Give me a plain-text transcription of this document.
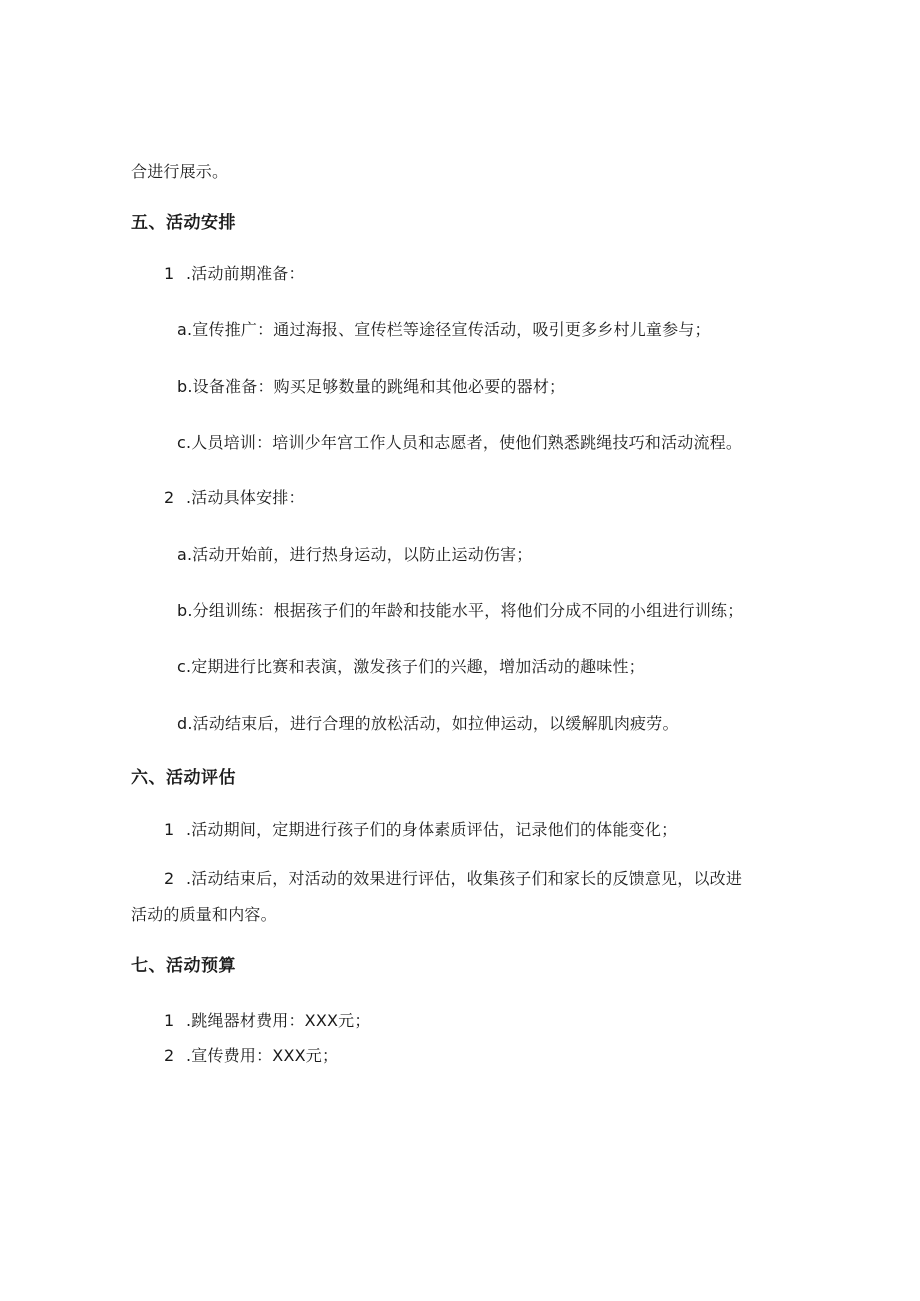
合进行展示。
五、活动安排
1 .活动前期准备：
a.宣传推广：通过海报、宣传栏等途径宣传活动，吸引更多乡村儿童参与；
b.设备准备：购买足够数量的跳绳和其他必要的器材；
c.人员培训：培训少年宫工作人员和志愿者，使他们熟悉跳绳技巧和活动流程。
2 .活动具体安排：
a.活动开始前，进行热身运动，以防止运动伤害；
b.分组训练：根据孩子们的年龄和技能水平，将他们分成不同的小组进行训练；
c.定期进行比赛和表演，激发孩子们的兴趣，增加活动的趣味性；
d.活动结束后，进行合理的放松活动，如拉伸运动，以缓解肌肉疲劳。
六、活动评估
1 .活动期间，定期进行孩子们的身体素质评估，记录他们的体能变化；
2 .活动结束后，对活动的效果进行评估，收集孩子们和家长的反馈意见，以改进
活动的质量和内容。
七、活动预算
1 .跳绳器材费用：XXX元；
2 .宣传费用：XXX元；
